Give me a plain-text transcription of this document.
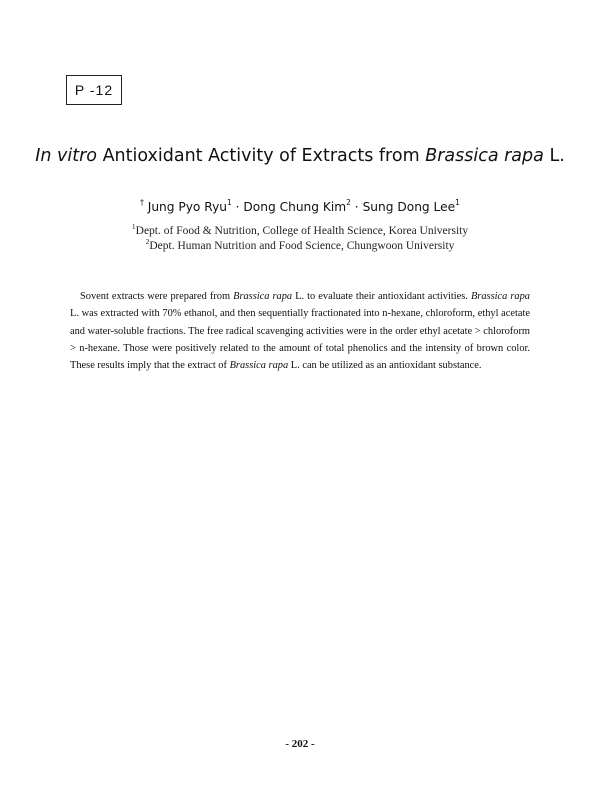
P -12
In vitro Antioxidant Activity of Extracts from Brassica rapa L.
† Jung Pyo Ryu$^1$ · Dong Chung Kim$^2$ · Sung Dong Lee$^1$
$^1$Dept. of Food & Nutrition, College of Health Science, Korea University
$^2$Dept. Human Nutrition and Food Science, Chungwoon University
Sovent extracts were prepared from Brassica rapa L. to evaluate their antioxidant activities. Brassica rapa
L. was extracted with 70% ethanol, and then sequentially fractionated into n-hexane, chloroform, ethyl acetate
and water-soluble fractions. The free radical scavenging activities were in the order ethyl acetate > chloroform
> n-hexane. Those were positively related to the amount of total phenolics and the intensity of brown color.
These results imply that the extract of Brassica rapa L. can be utilized as an antioxidant substance.
- 202 -
